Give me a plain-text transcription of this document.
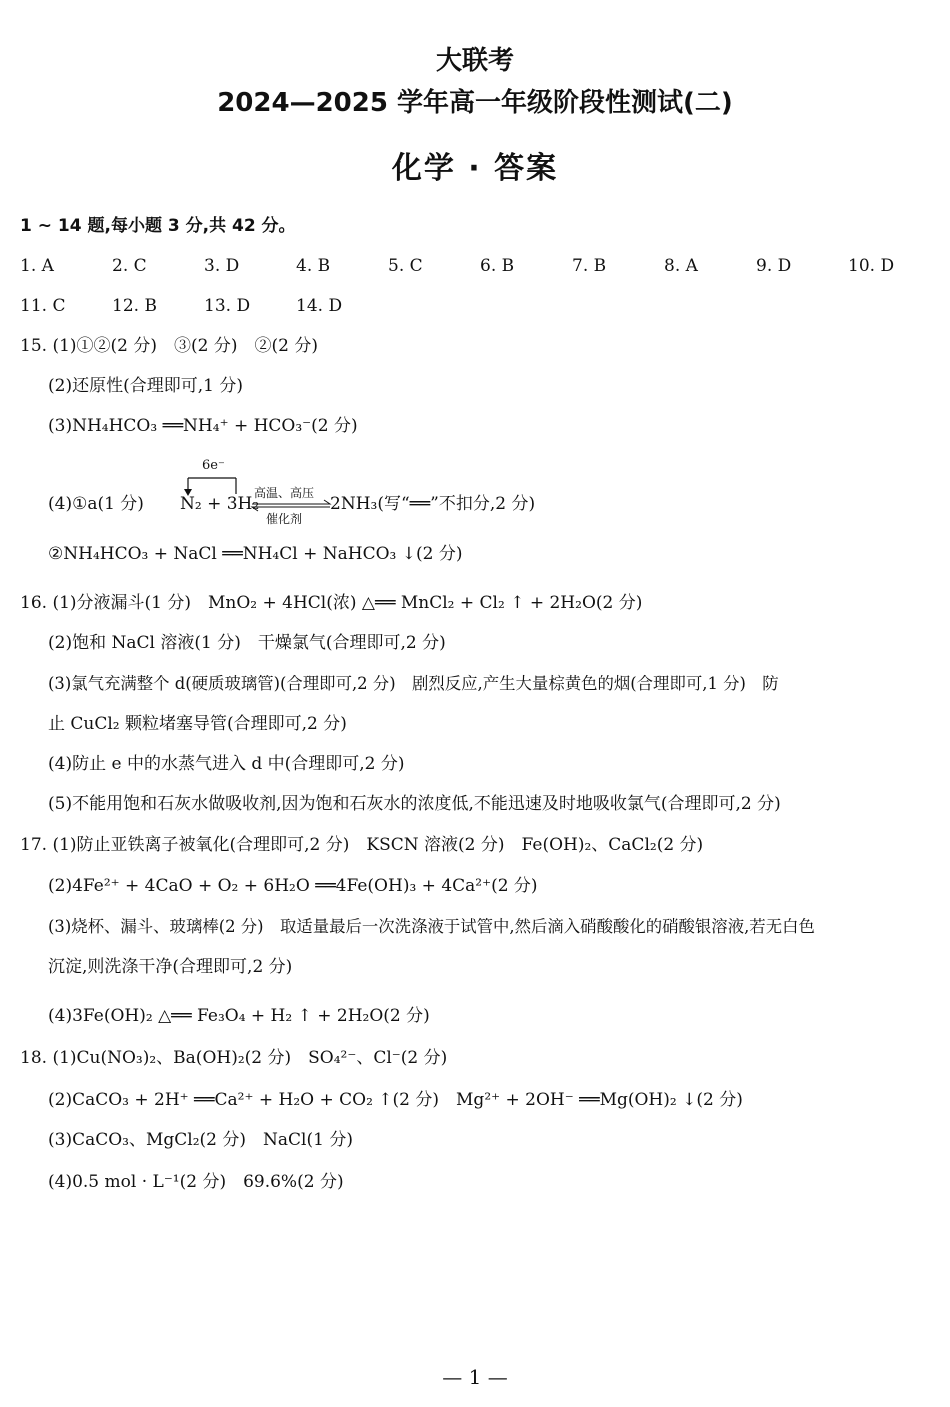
大联考
2024—2025 学年高一年级阶段性测试(二)
化学 · 答案
1 ~ 14 题,每小题 3 分,共 42 分。
1. A	2. C	3. D	4. B	5. C	6. B	7. B	8. A	9. D	10. D
11. C	12. B	13. D	14. D
15. (1)①②(2 分)　③(2 分)　②(2 分)
(2)还原性(合理即可,1 分)
(3)NH₄HCO₃ ══NH₄⁺ + HCO₃⁻(2 分)
(4)①a(1 分)
6e⁻
N₂ + 3H₂
高温、高压
催化剂
2NH₃(写“══”不扣分,2 分)
②NH₄HCO₃ + NaCl ══NH₄Cl + NaHCO₃ ↓(2 分)
16. (1)分液漏斗(1 分)　MnO₂ + 4HCl(浓) △══ MnCl₂ + Cl₂ ↑ + 2H₂O(2 分)
(2)饱和 NaCl 溶液(1 分)　干燥氯气(合理即可,2 分)
(3)氯气充满整个 d(硬质玻璃管)(合理即可,2 分)　剧烈反应,产生大量棕黄色的烟(合理即可,1 分)　防
止 CuCl₂ 颗粒堵塞导管(合理即可,2 分)
(4)防止 e 中的水蒸气进入 d 中(合理即可,2 分)
(5)不能用饱和石灰水做吸收剂,因为饱和石灰水的浓度低,不能迅速及时地吸收氯气(合理即可,2 分)
17. (1)防止亚铁离子被氧化(合理即可,2 分)　KSCN 溶液(2 分)　Fe(OH)₂、CaCl₂(2 分)
(2)4Fe²⁺ + 4CaO + O₂ + 6H₂O ══4Fe(OH)₃ + 4Ca²⁺(2 分)
(3)烧杯、漏斗、玻璃棒(2 分)　取适量最后一次洗涤液于试管中,然后滴入硝酸酸化的硝酸银溶液,若无白色
沉淀,则洗涤干净(合理即可,2 分)
(4)3Fe(OH)₂ △══ Fe₃O₄ + H₂ ↑ + 2H₂O(2 分)
18. (1)Cu(NO₃)₂、Ba(OH)₂(2 分)　SO₄²⁻、Cl⁻(2 分)
(2)CaCO₃ + 2H⁺ ══Ca²⁺ + H₂O + CO₂ ↑(2 分)　Mg²⁺ + 2OH⁻ ══Mg(OH)₂ ↓(2 分)
(3)CaCO₃、MgCl₂(2 分)　NaCl(1 分)
(4)0.5 mol · L⁻¹(2 分)　69.6%(2 分)
— 1 —
